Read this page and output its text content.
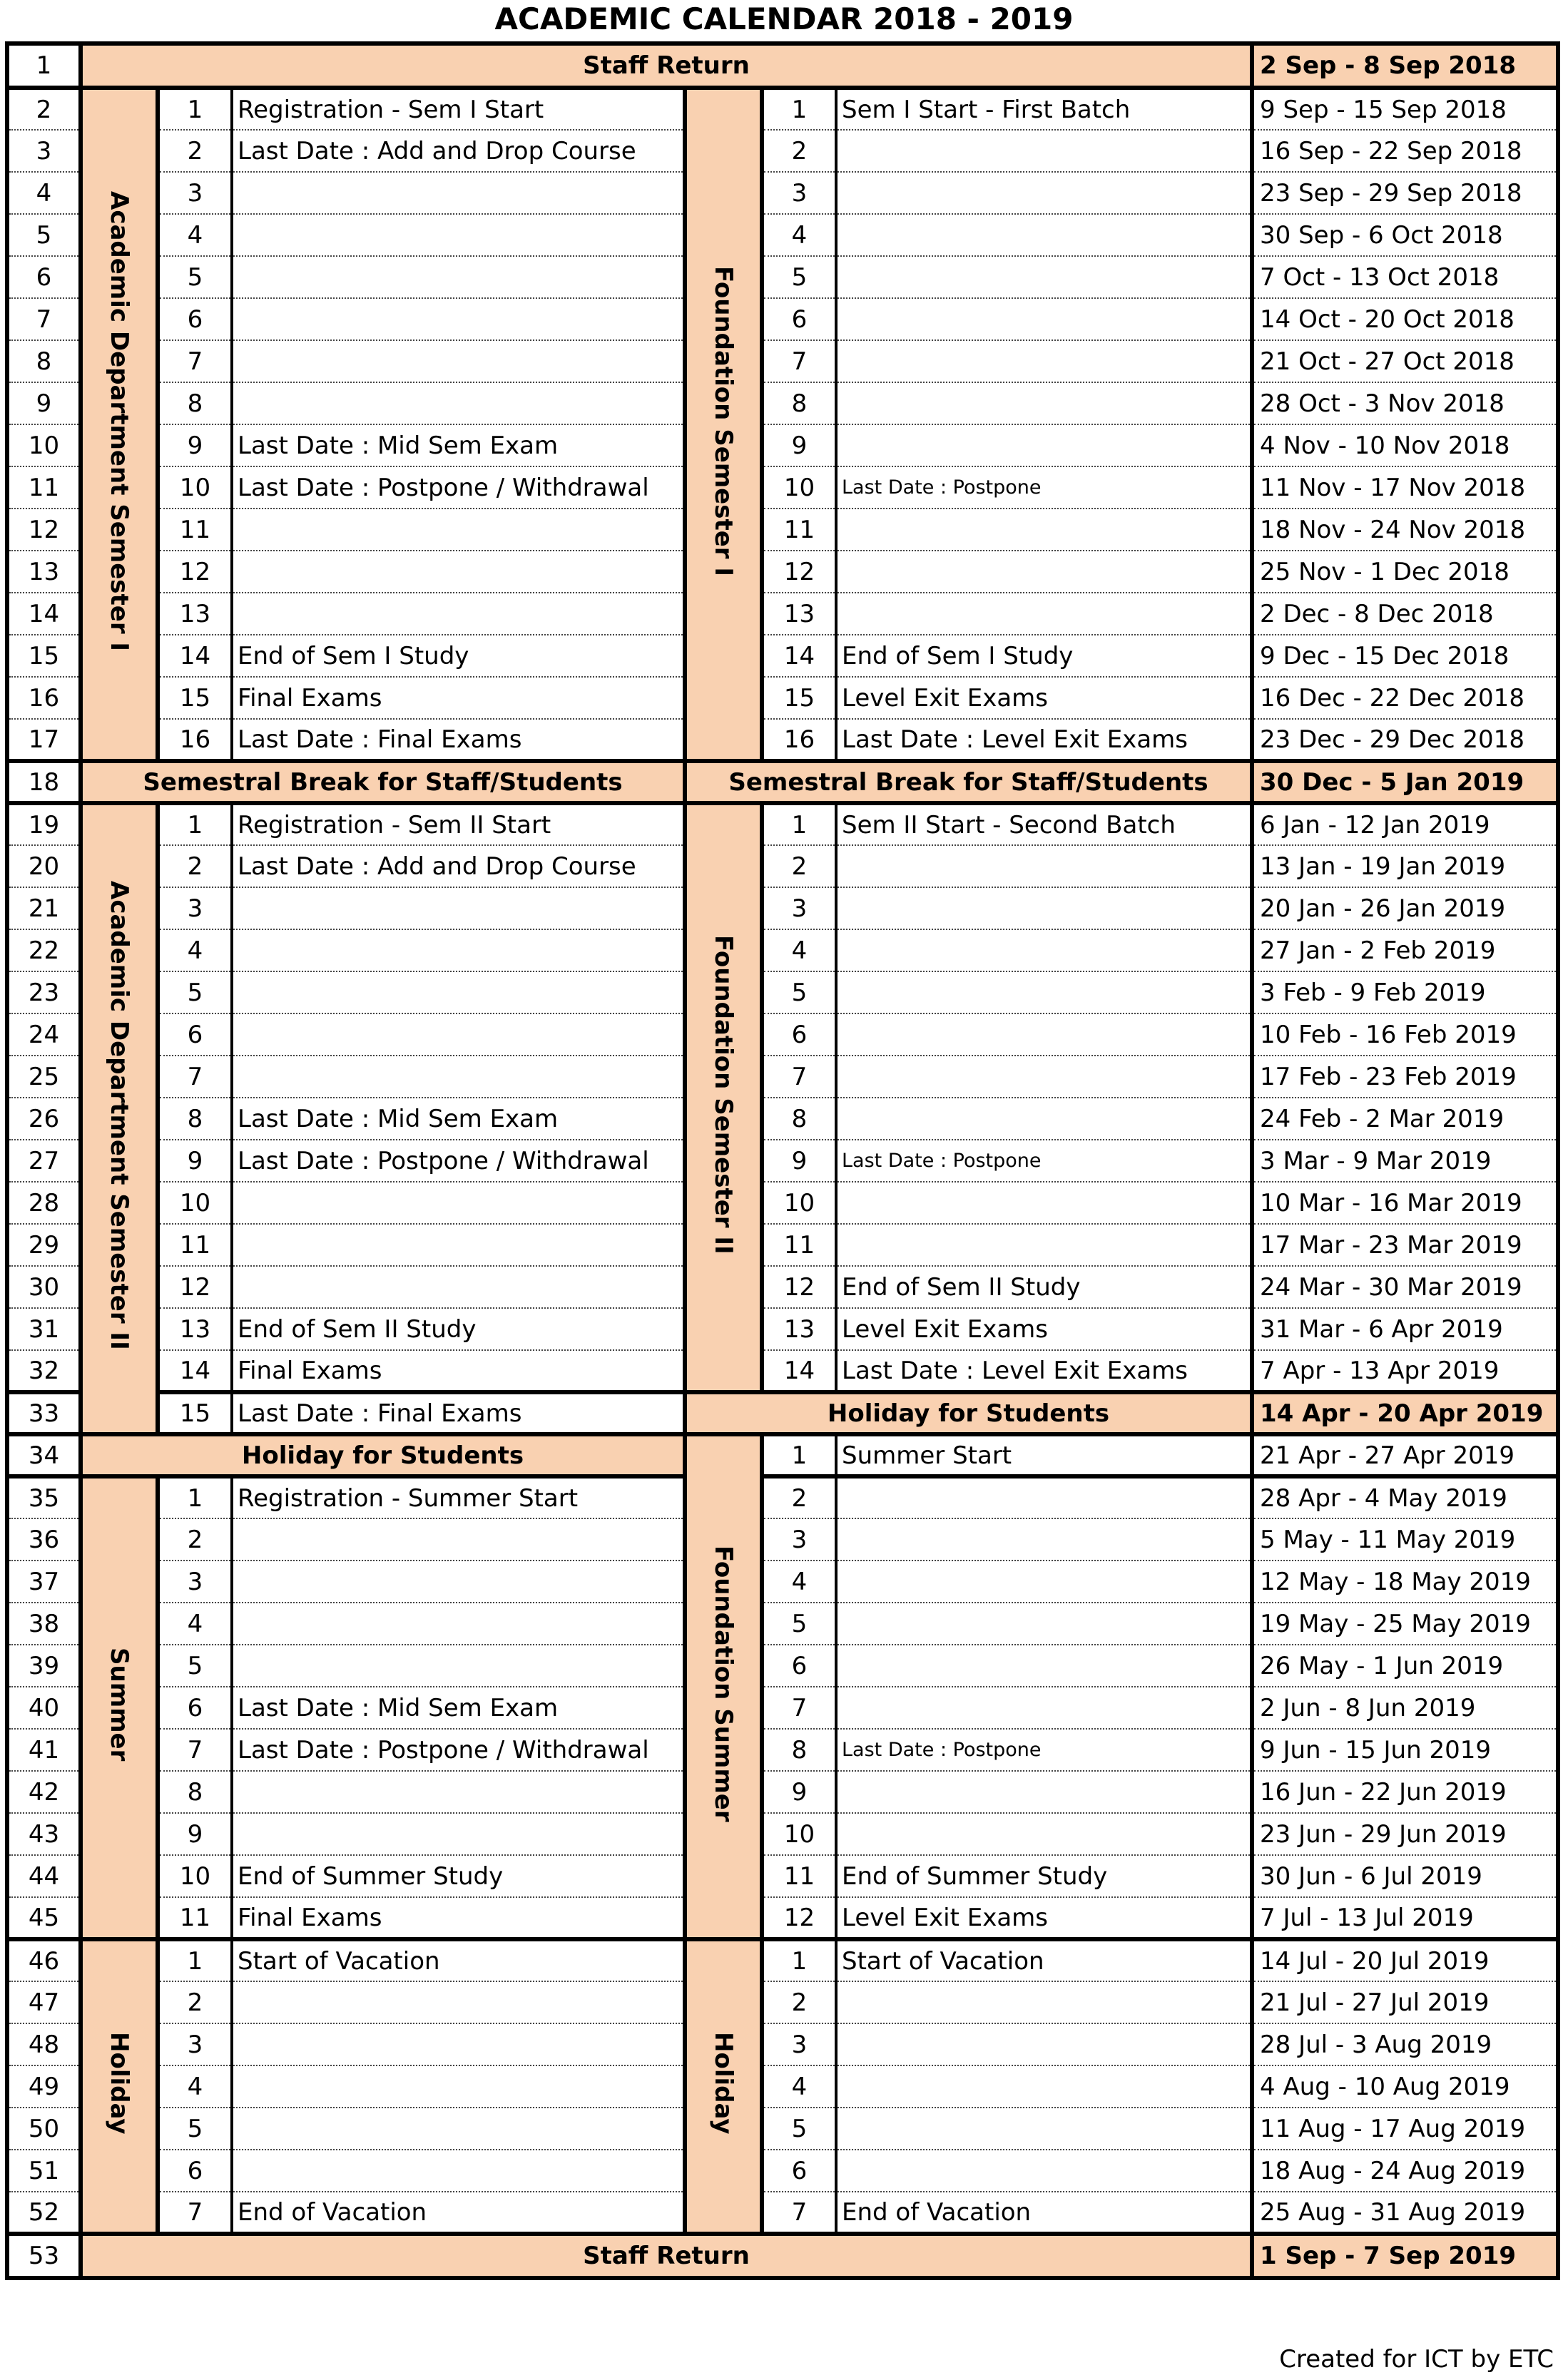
ACADEMIC CALENDAR 2018 - 2019
1	Staff Return						2 Sep - 8 Sep 2018
2	Academic Department Semester I	1	Registration - Sem I Start	Foundation Semester I	1	Sem I Start - First Batch	9 Sep - 15 Sep 2018
3		2	Last Date : Add and Drop Course		2		16 Sep - 22 Sep 2018
4		3			3		23 Sep - 29 Sep 2018
5		4			4		30 Sep - 6 Oct 2018
6		5			5		7 Oct - 13 Oct 2018
7		6			6		14 Oct - 20 Oct 2018
8		7			7		21 Oct - 27 Oct 2018
9		8			8		28 Oct - 3 Nov 2018
10		9	Last Date : Mid Sem Exam		9		4 Nov - 10 Nov 2018
11		10	Last Date : Postpone / Withdrawal		10	Last Date : Postpone	11 Nov - 17 Nov 2018
12		11			11		18 Nov - 24 Nov 2018
13		12			12		25 Nov - 1 Dec 2018
14		13			13		2 Dec - 8 Dec 2018
15		14	End of Sem I Study		14	End of Sem I Study	9 Dec - 15 Dec 2018
16		15	Final Exams		15	Level Exit Exams	16 Dec - 22 Dec 2018
17		16	Last Date : Final Exams		16	Last Date : Level Exit Exams	23 Dec - 29 Dec 2018
18	Semestral Break for Staff/Students			Semestral Break for Staff/Students			30 Dec - 5 Jan 2019
19	Academic Department Semester II	1	Registration - Sem II Start	Foundation Semester II	1	Sem II Start - Second Batch	6 Jan - 12 Jan 2019
20		2	Last Date : Add and Drop Course		2		13 Jan - 19 Jan 2019
21		3			3		20 Jan - 26 Jan 2019
22		4			4		27 Jan - 2 Feb 2019
23		5			5		3 Feb - 9 Feb 2019
24		6			6		10 Feb - 16 Feb 2019
25		7			7		17 Feb - 23 Feb 2019
26		8	Last Date : Mid Sem Exam		8		24 Feb - 2 Mar 2019
27		9	Last Date : Postpone / Withdrawal		9	Last Date : Postpone	3 Mar - 9 Mar 2019
28		10			10		10 Mar - 16 Mar 2019
29		11			11		17 Mar - 23 Mar 2019
30		12			12	End of Sem II Study	24 Mar - 30 Mar 2019
31		13	End of Sem II Study		13	Level Exit Exams	31 Mar - 6 Apr 2019
32		14	Final Exams		14	Last Date : Level Exit Exams	7 Apr - 13 Apr 2019
33		15	Last Date : Final Exams	Holiday for Students			14 Apr - 20 Apr 2019
34	Holiday for Students			Foundation Summer	1	Summer Start	21 Apr - 27 Apr 2019
35	Summer	1	Registration - Summer Start		2		28 Apr - 4 May 2019
36		2			3		5 May - 11 May 2019
37		3			4		12 May - 18 May 2019
38		4			5		19 May - 25 May 2019
39		5			6		26 May - 1 Jun 2019
40		6	Last Date : Mid Sem Exam		7		2 Jun - 8 Jun 2019
41		7	Last Date : Postpone / Withdrawal		8	Last Date : Postpone	9 Jun - 15 Jun 2019
42		8			9		16 Jun - 22 Jun 2019
43		9			10		23 Jun - 29 Jun 2019
44		10	End of Summer Study		11	End of Summer Study	30 Jun - 6 Jul 2019
45		11	Final Exams		12	Level Exit Exams	7 Jul - 13 Jul 2019
46	Holiday	1	Start of Vacation	Holiday	1	Start of Vacation	14 Jul - 20 Jul 2019
47		2			2		21 Jul - 27 Jul 2019
48		3			3		28 Jul - 3 Aug 2019
49		4			4		4 Aug - 10 Aug 2019
50		5			5		11 Aug - 17 Aug 2019
51		6			6		18 Aug - 24 Aug 2019
52		7	End of Vacation		7	End of Vacation	25 Aug - 31 Aug 2019
53	Staff Return						1 Sep - 7 Sep 2019

Created for ICT by ETC
